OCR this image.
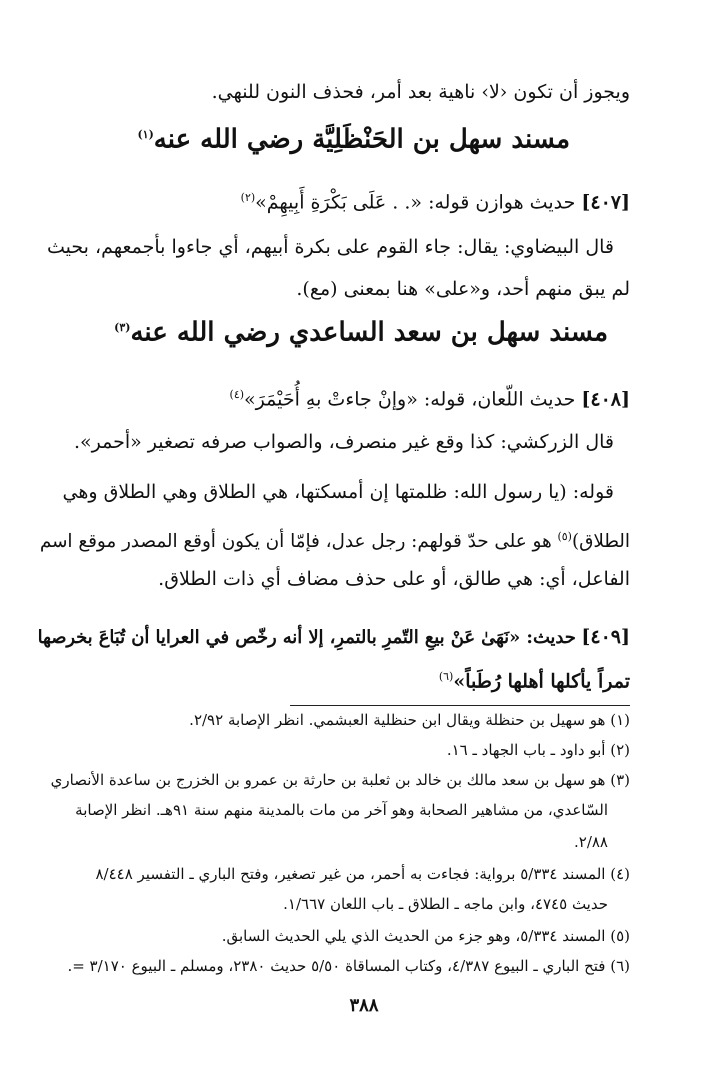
ويجوز أن تكون ‹لا› ناهية بعد أمر، فحذف النون للنهي.
مسند سهل بن الحَنْظَلِيَّة رضي الله عنه$^{(١)}$
[٤٠٧] حديث هوازن قوله: «. . عَلَى بَكْرَةِ أَبِيهِمْ»$^{(٢)}$
قال البيضاوي: يقال: جاء القوم على بكرة أبيهم، أي جاءوا بأجمعهم، بحيث
لم يبق منهم أحد، و«على» هنا بمعنى (مع).
مسند سهل بن سعد الساعدي رضي الله عنه$^{(٣)}$
[٤٠٨] حديث اللّعان، قوله: «وإنْ جاءتْ بهِ أُحَيْمَرَ»$^{(٤)}$
قال الزركشي: كذا وقع غير منصرف، والصواب صرفه تصغير «أحمر».
قوله: (يا رسول الله: ظلمتها إن أمسكتها، هي الطلاق وهي الطلاق وهي
الطلاق)$^{(٥)}$ هو على حدّ قولهم: رجل عدل، فإمّا أن يكون أوقع المصدر موقع اسم
الفاعل، أي: هي طالق، أو على حذف مضاف أي ذات الطلاق.
[٤٠٩] حديث: «نَهَىٰ عَنْ بيعِ التّمرِ بالتمرِ، إلا أنه رخّص في العرايا أن تُبَاعَ بخرصها
تمراً يأكلها أهلها رُطَباً»$^{(٦)}$
(١) هو سهيل بن حنظلة ويقال ابن حنظلية العبشمي. انظر الإصابة ٢/٩٢.
(٢) أبو داود ـ باب الجهاد ـ ١٦.
(٣) هو سهل بن سعد مالك بن خالد بن ثعلبة بن حارثة بن عمرو بن الخزرج بن ساعدة الأنصاري
السّاعدي، من مشاهير الصحابة وهو آخر من مات بالمدينة منهم سنة ٩١هـ. انظر الإصابة
٢/٨٨.
(٤) المسند ٥/٣٣٤ برواية: فجاءت به أحمر، من غير تصغير، وفتح الباري ـ التفسير ٨/٤٤٨
حديث ٤٧٤٥، وابن ماجه ـ الطلاق ـ باب اللعان ١/٦٦٧.
(٥) المسند ٥/٣٣٤، وهو جزء من الحديث الذي يلي الحديث السابق.
(٦) فتح الباري ـ البيوع ٤/٣٨٧، وكتاب المساقاة ٥/٥٠ حديث ٢٣٨٠، ومسلم ـ البيوع ٣/١٧٠ =.
٣٨٨
